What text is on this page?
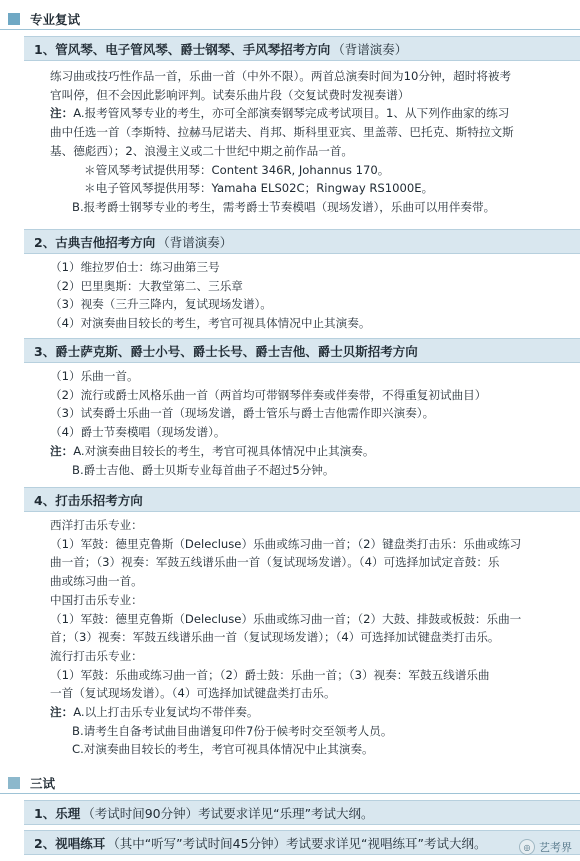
专业复试
1、管风琴、电子管风琴、爵士钢琴、手风琴招考方向 （背谱演奏）

练习曲或技巧性作品一首，乐曲一首（中外不限）。两首总演奏时间为10分钟，超时将被考

官叫停，但不会因此影响评判。试奏乐曲片段（交复试费时发视奏谱）

注：A.报考管风琴专业的考生，亦可全部演奏钢琴完成考试项目。1、从下列作曲家的练习

曲中任选一首（李斯特、拉赫马尼诺夫、肖邦、斯科里亚宾、里盖蒂、巴托克、斯特拉文斯

基、德彪西）；2、浪漫主义或二十世纪中期之前作品一首。

＊管风琴考试提供用琴：Content 346R, Johannus 170。

＊电子管风琴提供用琴：Yamaha ELS02C；Ringway RS1000E。

B.报考爵士钢琴专业的考生，需考爵士节奏模唱（现场发谱），乐曲可以用伴奏带。

2、古典吉他招考方向 （背谱演奏）

（1）维拉罗伯士：练习曲第三号

（2）巴里奥斯：大教堂第二、三乐章

（3）视奏（三升三降内，复试现场发谱）。

（4）对演奏曲目较长的考生，考官可视具体情况中止其演奏。

3、爵士萨克斯、爵士小号、爵士长号、爵士吉他、爵士贝斯招考方向

（1）乐曲一首。

（2）流行或爵士风格乐曲一首（两首均可带钢琴伴奏或伴奏带，不得重复初试曲目）

（3）试奏爵士乐曲一首（现场发谱，爵士管乐与爵士吉他需作即兴演奏）。

（4）爵士节奏模唱（现场发谱）。

注：A.对演奏曲目较长的考生，考官可视具体情况中止其演奏。

B.爵士吉他、爵士贝斯专业每首曲子不超过5分钟。

4、打击乐招考方向

西洋打击乐专业：

（1）军鼓：德里克鲁斯（Delecluse）乐曲或练习曲一首；（2）键盘类打击乐：乐曲或练习

曲一首；（3）视奏：军鼓五线谱乐曲一首（复试现场发谱）。（4）可选择加试定音鼓：乐

曲或练习曲一首。

中国打击乐专业：

（1）军鼓：德里克鲁斯（Delecluse）乐曲或练习曲一首；（2）大鼓、排鼓或板鼓：乐曲一

首；（3）视奏：军鼓五线谱乐曲一首（复试现场发谱）；（4）可选择加试键盘类打击乐。

流行打击乐专业：

（1）军鼓：乐曲或练习曲一首；（2）爵士鼓：乐曲一首；（3）视奏：军鼓五线谱乐曲

一首（复试现场发谱）。（4）可选择加试键盘类打击乐。

注：A.以上打击乐专业复试均不带伴奏。

B.请考生自备考试曲目曲谱复印件7份于候考时交至领考人员。

C.对演奏曲目较长的考生，考官可视具体情况中止其演奏。

三试
1、乐理 （考试时间90分钟）考试要求详见“乐理”考试大纲。
2、视唱练耳 （其中“听写”考试时间45分钟）考试要求详见“视唱练耳”考试大纲。	◎ 艺考界
